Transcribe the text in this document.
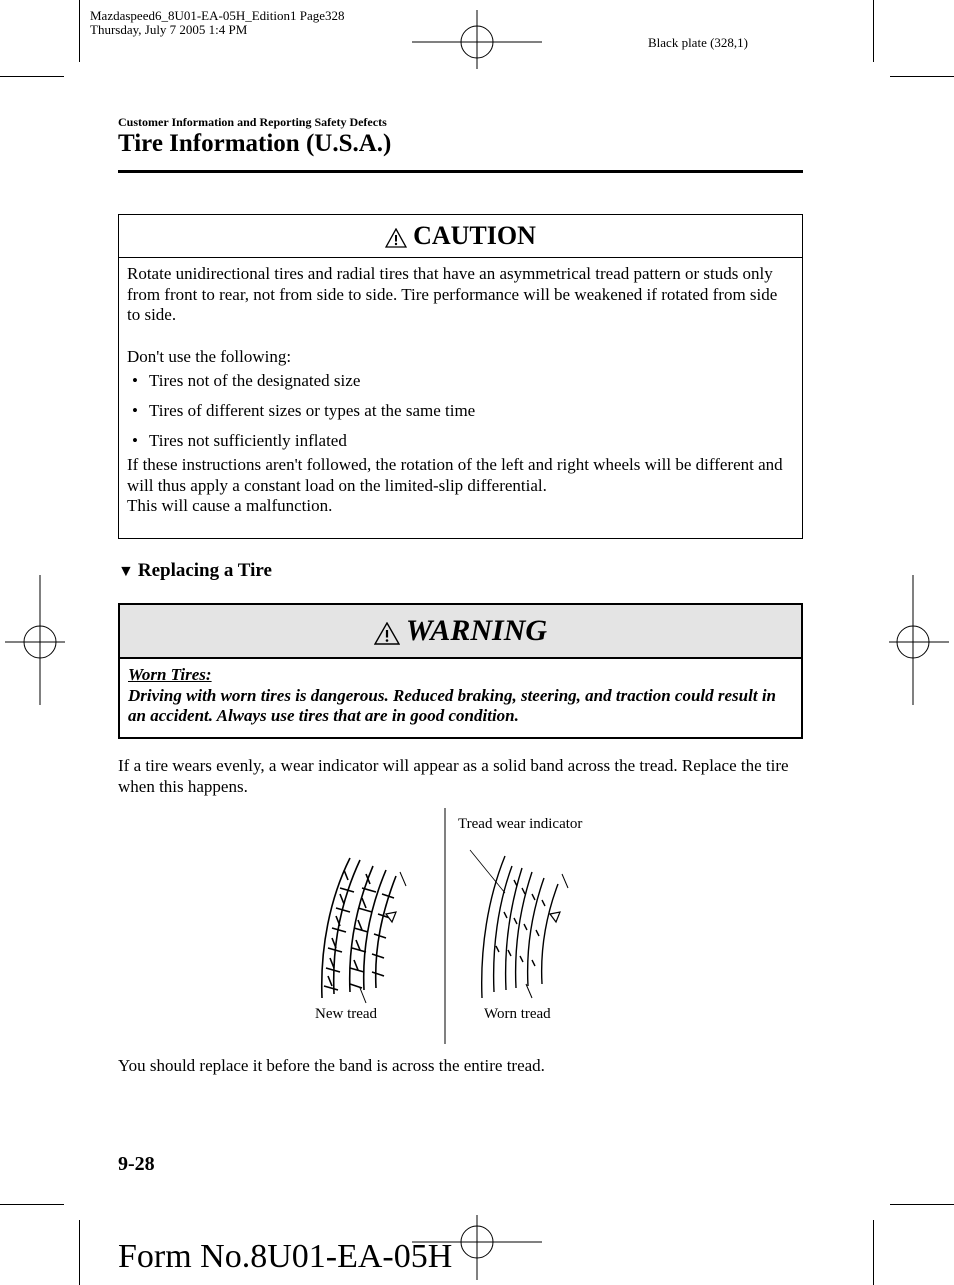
Mazdaspeed6_8U01-EA-05H_Edition1 Page328
Thursday, July 7 2005 1:4 PM
Black plate (328,1)
Customer Information and Reporting Safety Defects
Tire Information (U.S.A.)
CAUTION

Rotate unidirectional tires and radial tires that have an asymmetrical tread pattern or studs only from front to rear, not from side to side. Tire performance will be weakened if rotated from side to side.

Don't use the following:

• Tires not of the designated size
• Tires of different sizes or types at the same time
• Tires not sufficiently inflated

If these instructions aren't followed, the rotation of the left and right wheels will be different and will thus apply a constant load on the limited-slip differential.

This will cause a malfunction.

▼ Replacing a Tire
WARNING
Worn Tires:
Driving with worn tires is dangerous. Reduced braking, steering, and traction could result in an accident. Always use tires that are in good condition.
If a tire wears evenly, a wear indicator will appear as a solid band across the tread. Replace the tire when this happens.
Tread wear indicator
New tread	Worn tread
You should replace it before the band is across the entire tread.
9-28
Form No.8U01-EA-05H
